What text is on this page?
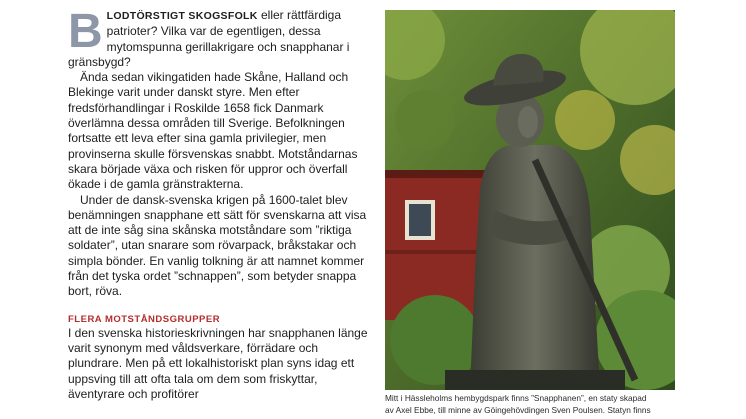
BLODTÖRSTIGT SKOGSFOLK eller rättfärdiga patrioter? Vilka var de egentligen, dessa mytomspunna gerillakrigare och snapphanar i gränsbygd?

Ända sedan vikingatiden hade Skåne, Halland och Blekinge varit under danskt styre. Men efter fredsförhandlingar i Roskilde 1658 fick Danmark överlämna dessa områden till Sverige. Befolkningen fortsatte ett leva efter sina gamla privilegier, men provinserna skulle försvenskas snabbt. Motståndarnas skara började växa och risken för uppror och överfall ökade i de gamla gränstrakterna.

Under de dansk-svenska krigen på 1600-talet blev benämningen snapphane ett sätt för svenskarna att visa att de inte såg sina skånska motståndare som ”riktiga soldater”, utan snarare som rövarpack, bråkstakar och simpla bönder. En vanlig tolkning är att namnet kommer från det tyska ordet ”schnappen”, som betyder snappa bort, röva.

FLERA MOTSTÅNDSGRUPPER

I den svenska historieskrivningen har snapphanen länge varit synonym med våldsverkare, förrädare och plundrare. Men på ett lokalhistoriskt plan syns idag ett uppsving till att ofta tala om dem som friskyttar, äventyrare och profitörer	Mitt i Hässleholms hembygdspark finns ”Snapphanen”, en staty skapad

av Axel Ebbe, till minne av Göingehövdingen Sven Poulsen. Statyn finns
